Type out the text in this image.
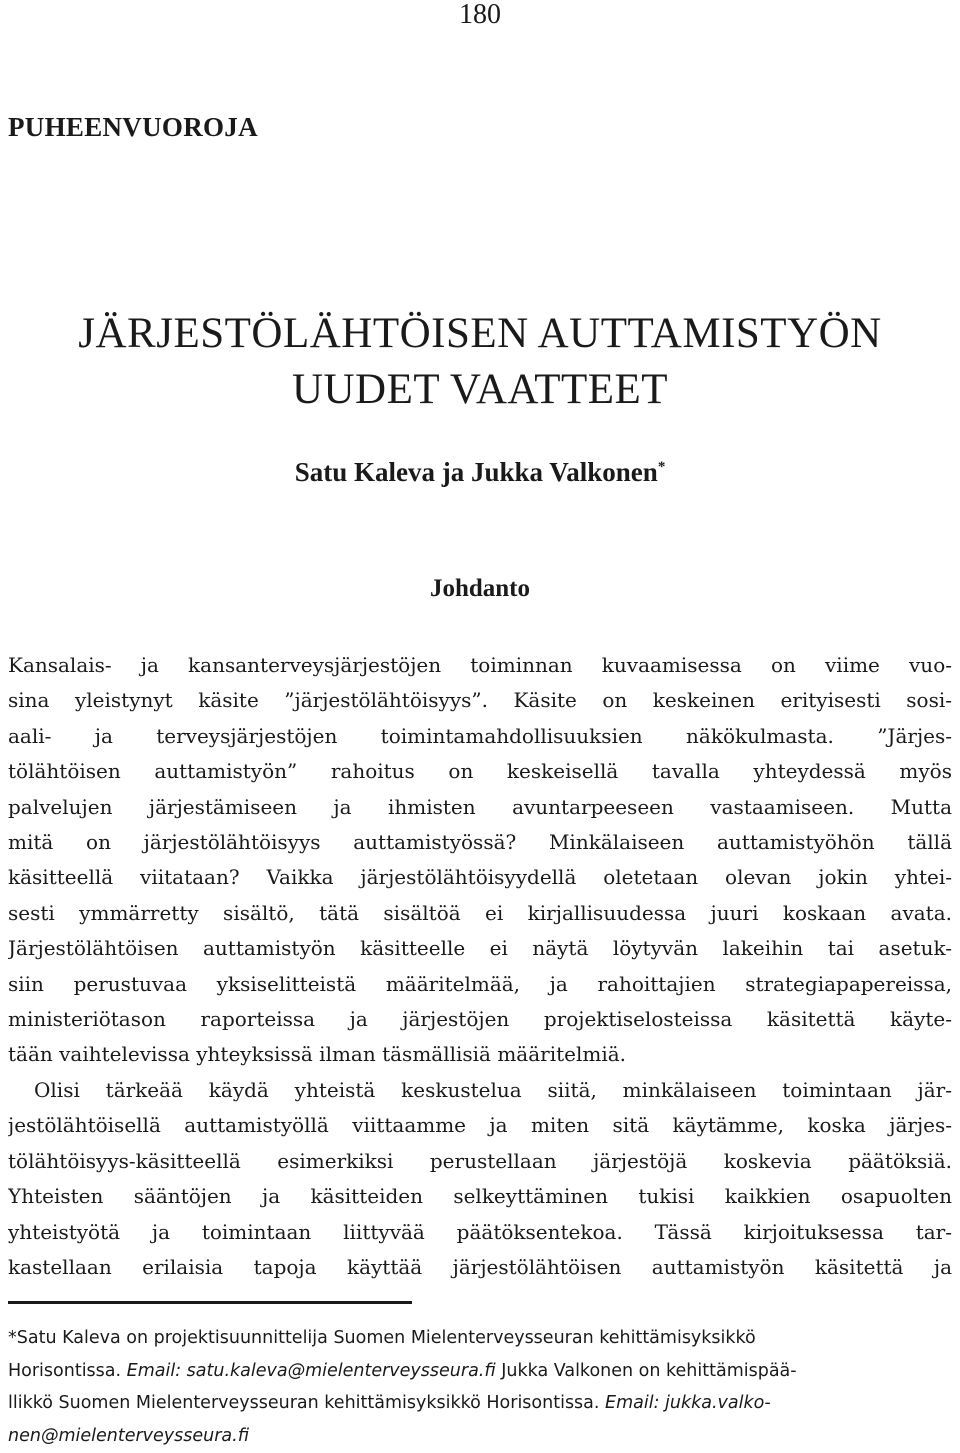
180
PUHEENVUOROJA
JÄRJESTÖLÄHTÖISEN AUTTAMISTYÖN
UUDET VAATTEET
Satu Kaleva ja Jukka Valkonen*
Johdanto
Kansalais- ja kansanterveysjärjestöjen toiminnan kuvaamisessa on viime vuo-
sina yleistynyt käsite ”järjestölähtöisyys”. Käsite on keskeinen erityisesti sosi-
aali- ja terveysjärjestöjen toimintamahdollisuuksien näkökulmasta. ”Järjes-
tölähtöisen auttamistyön” rahoitus on keskeisellä tavalla yhteydessä myös
palvelujen järjestämiseen ja ihmisten avuntarpeeseen vastaamiseen. Mutta
mitä on järjestölähtöisyys auttamistyössä? Minkälaiseen auttamistyöhön tällä
käsitteellä viitataan? Vaikka järjestölähtöisyydellä oletetaan olevan jokin yhtei-
sesti ymmärretty sisältö, tätä sisältöä ei kirjallisuudessa juuri koskaan avata.
Järjestölähtöisen auttamistyön käsitteelle ei näytä löytyvän lakeihin tai asetuk-
siin perustuvaa yksiselitteistä määritelmää, ja rahoittajien strategiapapereissa,
ministeriötason raporteissa ja järjestöjen projektiselosteissa käsitettä käyte-
tään vaihtelevissa yhteyksissä ilman täsmällisiä määritelmiä.
Olisi tärkeää käydä yhteistä keskustelua siitä, minkälaiseen toimintaan jär-
jestölähtöisellä auttamistyöllä viittaamme ja miten sitä käytämme, koska järjes-
tölähtöisyys-käsitteellä esimerkiksi perustellaan järjestöjä koskevia päätöksiä.
Yhteisten sääntöjen ja käsitteiden selkeyttäminen tukisi kaikkien osapuolten
yhteistyötä ja toimintaan liittyvää päätöksentekoa. Tässä kirjoituksessa tar-
kastellaan erilaisia tapoja käyttää järjestölähtöisen auttamistyön käsitettä ja
*Satu Kaleva on projektisuunnittelija Suomen Mielenterveysseuran kehittämisyksikkö
Horisontissa. Email: satu.kaleva@mielenterveysseura.fi Jukka Valkonen on kehittämispää-
llikkö Suomen Mielenterveysseuran kehittämisyksikkö Horisontissa. Email: jukka.valko-
nen@mielenterveysseura.fi
